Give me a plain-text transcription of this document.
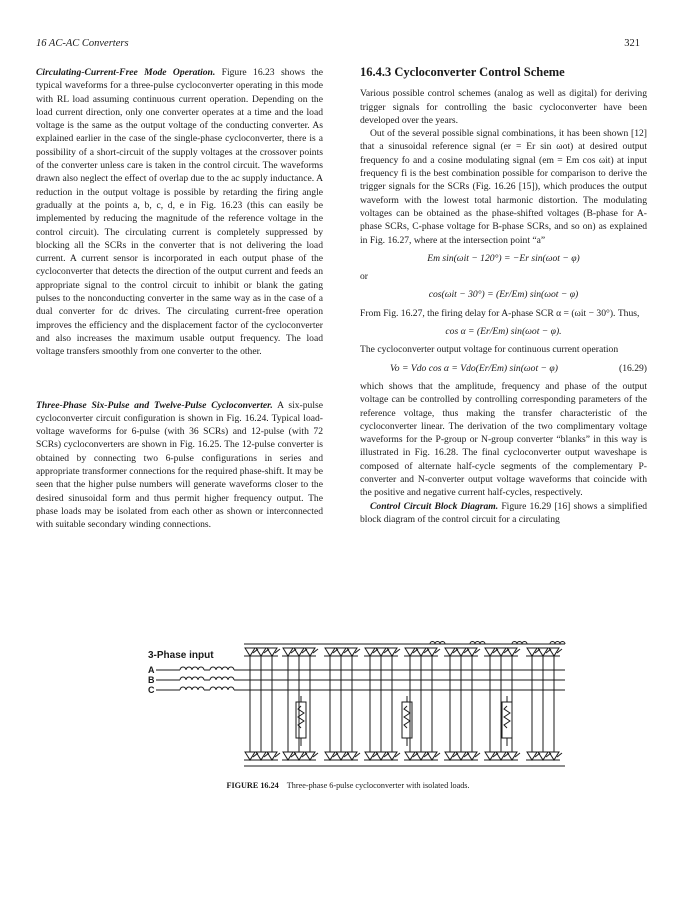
16 AC-AC Converters	321

Circulating-Current-Free Mode Operation. Figure 16.23 shows the typical waveforms for a three-pulse cycloconverter operating in this mode with RL load assuming continuous current operation. Depending on the load current direction, only one converter operates at a time and the load voltage is the same as the output voltage of the conducting converter. As explained earlier in the case of the single-phase cycloconverter, there is a possibility of a short-circuit of the supply voltages at the crossover points of the converter unless care is taken in the control circuit. The waveforms drawn also neglect the effect of overlap due to the ac supply inductance. A reduction in the output voltage is possible by retarding the firing angle gradually at the points a, b, c, d, e in Fig. 16.23 (this can easily be implemented by reducing the magnitude of the reference voltage in the control circuit). The circulating current is completely suppressed by blocking all the SCRs in the converter that is not delivering the load current. A current sensor is incorporated in each output phase of the cycloconverter that detects the direction of the output current and feeds an appropriate signal to the control circuit to inhibit or blank the gating pulses to the nonconducting converter in the same way as in the case of a dual converter for dc drives. The circulating current-free operation improves the efficiency and the displacement factor of the cycloconverter and also increases the maximum usable output frequency. The load voltage transfers smoothly from one converter to the other.

Three-Phase Six-Pulse and Twelve-Pulse Cycloconverter. A six-pulse cycloconverter circuit configuration is shown in Fig. 16.24. Typical load-voltage waveforms for 6-pulse (with 36 SCRs) and 12-pulse (with 72 SCRs) cycloconverters are shown in Fig. 16.25. The 12-pulse converter is obtained by connecting two 6-pulse configurations in series and appropriate transformer connections for the required phase-shift. It may be seen that the higher pulse numbers will generate waveforms closer to the desired sinusoidal form and thus permit higher frequency output. The phase loads may be isolated from each other as shown or interconnected with suitable secondary winding connections.

16.4.3 Cycloconverter Control Scheme

Various possible control schemes (analog as well as digital) for deriving trigger signals for controlling the basic cycloconverter have been developed over the years.

Out of the several possible signal combinations, it has been shown [12] that a sinusoidal reference signal (er = Er sin ωot) at desired output frequency fo and a cosine modulating signal (em = Em cos ωit) at input frequency fi is the best combination possible for comparison to derive the trigger signals for the SCRs (Fig. 16.26 [15]), which produces the output waveform with the lowest total harmonic distortion. The modulating voltages can be obtained as the phase-shifted voltages (B-phase for A-phase SCRs, C-phase voltage for B-phase SCRs, and so on) as explained in Fig. 16.27, where at the intersection point “a”

Em sin(ωit − 120°) = −Er sin(ωot − φ)
or
cos(ωit − 30°) = (Er/Em) sin(ωot − φ)

From Fig. 16.27, the firing delay for A-phase SCR α = (ωit − 30°). Thus,

cos α = (Er/Em) sin(ωot − φ).

The cycloconverter output voltage for continuous current operation

Vo = Vdo cos α = Vdo(Er/Em) sin(ωot − φ)	(16.29)

which shows that the amplitude, frequency and phase of the output voltage can be controlled by controlling corresponding parameters of the reference voltage, thus making the transfer characteristic of the cycloconverter linear. The derivation of the two complimentary voltage waveforms for the P-group or N-group converter “blanks” in this way is illustrated in Fig. 16.28. The final cycloconverter output waveshape is composed of alternate half-cycle segments of the complementary P-converter and N-converter output voltage waveforms that coincide with the positive and negative current half-cycles, respectively.

Control Circuit Block Diagram. Figure 16.29 [16] shows a simplified block diagram of the control circuit for a circulating

3-Phase input
A
B
C
FIGURE 16.24 Three-phase 6-pulse cycloconverter with isolated loads.
